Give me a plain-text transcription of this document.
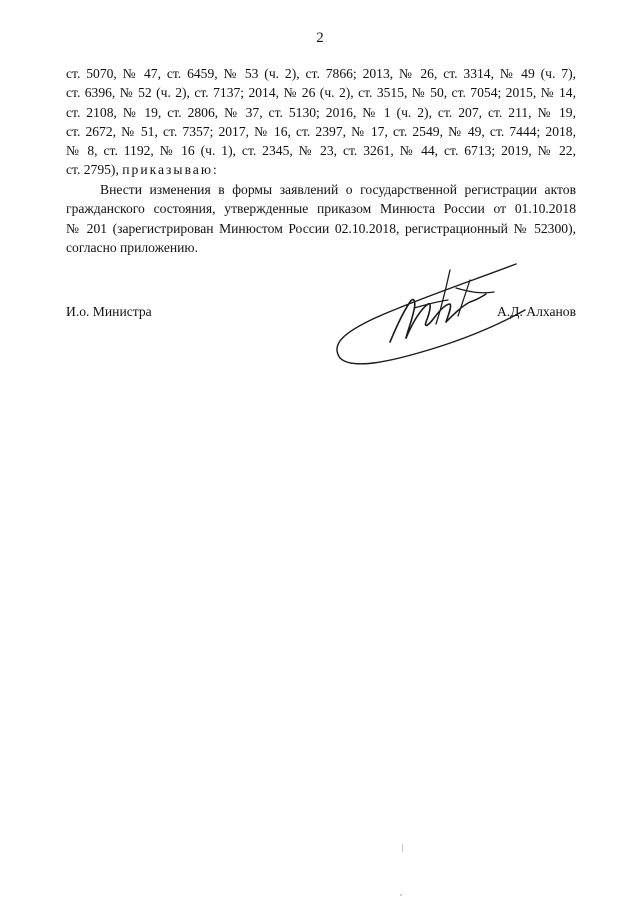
2
ст. 5070, № 47, ст. 6459, № 53 (ч. 2), ст. 7866; 2013, № 26, ст. 3314, № 49 (ч. 7),
ст. 6396, № 52 (ч. 2), ст. 7137; 2014, № 26 (ч. 2), ст. 3515, № 50, ст. 7054; 2015, № 14,
ст. 2108, № 19, ст. 2806, № 37, ст. 5130; 2016, № 1 (ч. 2), ст. 207, ст. 211, № 19,
ст. 2672, № 51, ст. 7357; 2017, № 16, ст. 2397, № 17, ст. 2549, № 49, ст. 7444; 2018,
№ 8, ст. 1192, № 16 (ч. 1), ст. 2345, № 23, ст. 3261, № 44, ст. 6713; 2019, № 22,
ст. 2795), приказываю:
Внести изменения в формы заявлений о государственной регистрации актов
гражданского состояния, утвержденные приказом Минюста России от 01.10.2018
№ 201 (зарегистрирован Минюстом России 02.10.2018, регистрационный № 52300),
согласно приложению.
И.о. Министра	А.Д. Алханов
